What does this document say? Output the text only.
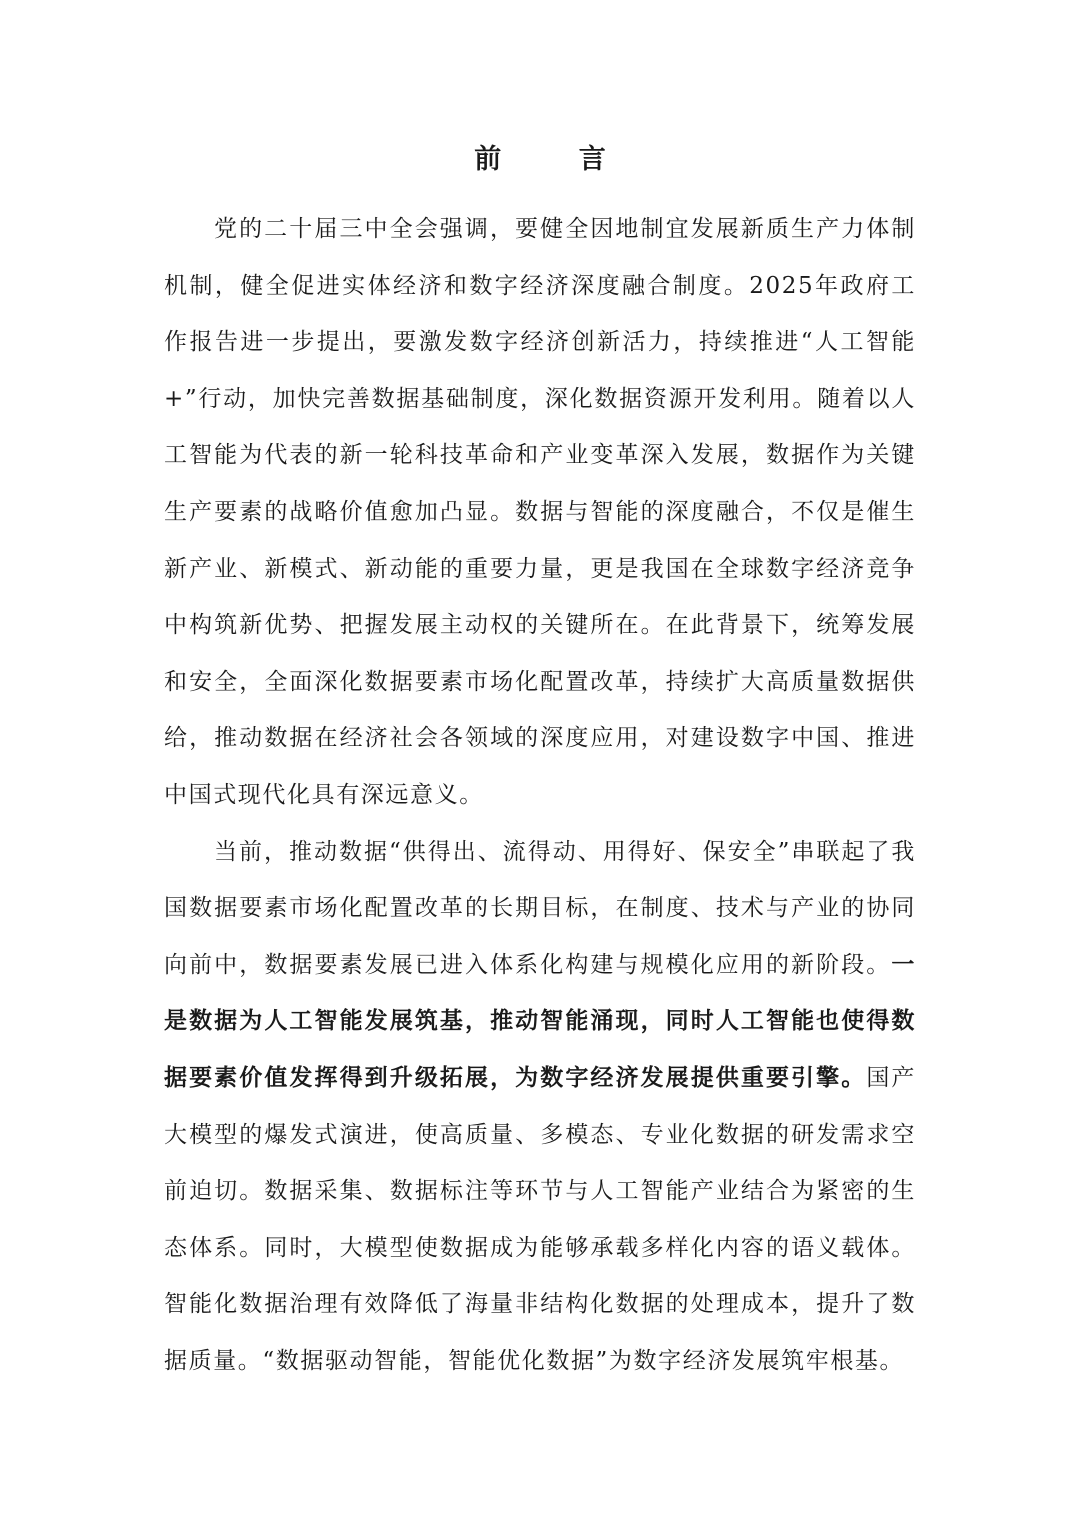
前 言

党的二十届三中全会强调，要健全因地制宜发展新质生产力体制机制，健全促进实体经济和数字经济深度融合制度。2025年政府工作报告进一步提出，要激发数字经济创新活力，持续推进“人工智能+”行动，加快完善数据基础制度，深化数据资源开发利用。随着以人工智能为代表的新一轮科技革命和产业变革深入发展，数据作为关键生产要素的战略价值愈加凸显。数据与智能的深度融合，不仅是催生新产业、新模式、新动能的重要力量，更是我国在全球数字经济竞争中构筑新优势、把握发展主动权的关键所在。在此背景下，统筹发展和安全，全面深化数据要素市场化配置改革，持续扩大高质量数据供给，推动数据在经济社会各领域的深度应用，对建设数字中国、推进中国式现代化具有深远意义。

当前，推动数据“供得出、流得动、用得好、保安全”串联起了我国数据要素市场化配置改革的长期目标，在制度、技术与产业的协同向前中，数据要素发展已进入体系化构建与规模化应用的新阶段。一是数据为人工智能发展筑基，推动智能涌现，同时人工智能也使得数据要素价值发挥得到升级拓展，为数字经济发展提供重要引擎。国产大模型的爆发式演进，使高质量、多模态、专业化数据的研发需求空前迫切。数据采集、数据标注等环节与人工智能产业结合为紧密的生态体系。同时，大模型使数据成为能够承载多样化内容的语义载体。智能化数据治理有效降低了海量非结构化数据的处理成本，提升了数据质量。“数据驱动智能，智能优化数据”为数字经济发展筑牢根基。
